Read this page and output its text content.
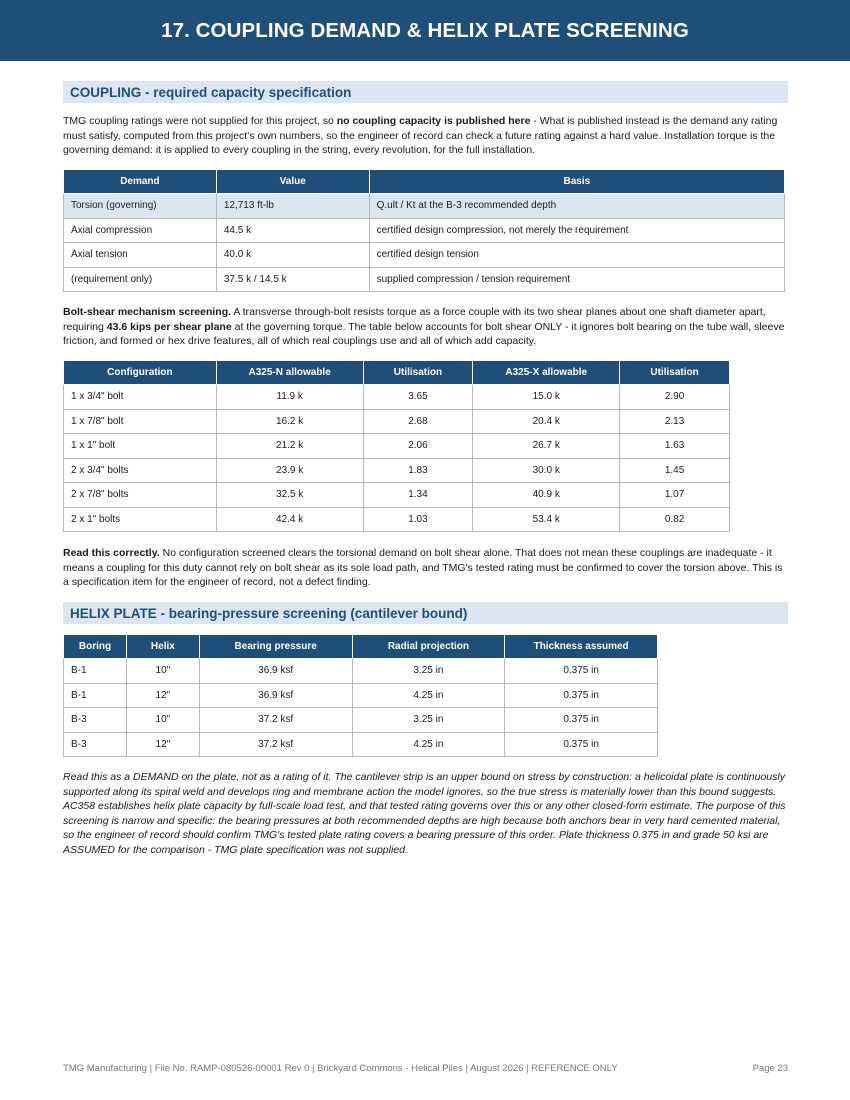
17. COUPLING DEMAND & HELIX PLATE SCREENING
COUPLING - required capacity specification

TMG coupling ratings were not supplied for this project, so no coupling capacity is published here - What is published instead is the demand any rating must satisfy, computed from this project's own numbers, so the engineer of record can check a future rating against a hard value. Installation torque is the governing demand: it is applied to every coupling in the string, every revolution, for the full installation.

Demand	Value	Basis
Torsion (governing)	12,713 ft-lb	Q.ult / Kt at the B-3 recommended depth
Axial compression	44.5 k	certified design compression, not merely the requirement
Axial tension	40.0 k	certified design tension
(requirement only)	37.5 k / 14.5 k	supplied compression / tension requirement

Bolt-shear mechanism screening. A transverse through-bolt resists torque as a force couple with its two shear planes about one shaft diameter apart, requiring 43.6 kips per shear plane at the governing torque. The table below accounts for bolt shear ONLY - it ignores bolt bearing on the tube wall, sleeve friction, and formed or hex drive features, all of which real couplings use and all of which add capacity.

Configuration	A325-N allowable	Utilisation	A325-X allowable	Utilisation
1 x 3/4" bolt	11.9 k	3.65	15.0 k	2.90
1 x 7/8" bolt	16.2 k	2.68	20.4 k	2.13
1 x 1" bolt	21.2 k	2.06	26.7 k	1.63
2 x 3/4" bolts	23.9 k	1.83	30.0 k	1.45
2 x 7/8" bolts	32.5 k	1.34	40.9 k	1.07
2 x 1" bolts	42.4 k	1.03	53.4 k	0.82

Read this correctly. No configuration screened clears the torsional demand on bolt shear alone. That does not mean these couplings are inadequate - it means a coupling for this duty cannot rely on bolt shear as its sole load path, and TMG's tested rating must be confirmed to cover the torsion above. This is a specification item for the engineer of record, not a defect finding.

HELIX PLATE - bearing-pressure screening (cantilever bound)
Boring	Helix	Bearing pressure	Radial projection	Thickness assumed
B-1	10"	36.9 ksf	3.25 in	0.375 in
B-1	12"	36.9 ksf	4.25 in	0.375 in
B-3	10"	37.2 ksf	3.25 in	0.375 in
B-3	12"	37.2 ksf	4.25 in	0.375 in

Read this as a DEMAND on the plate, not as a rating of it. The cantilever strip is an upper bound on stress by construction: a helicoidal plate is continuously supported along its spiral weld and develops ring and membrane action the model ignores, so the true stress is materially lower than this bound suggests. AC358 establishes helix plate capacity by full-scale load test, and that tested rating governs over this or any other closed-form estimate. The purpose of this screening is narrow and specific: the bearing pressures at both recommended depths are high because both anchors bear in very hard cemented material, so the engineer of record should confirm TMG's tested plate rating covers a bearing pressure of this order. Plate thickness 0.375 in and grade 50 ksi are ASSUMED for the comparison - TMG plate specification was not supplied.

TMG Manufacturing | File No. RAMP-080526-00001 Rev 0 | Brickyard Commons - Helical Piles | August 2026 | REFERENCE ONLY	Page 23
